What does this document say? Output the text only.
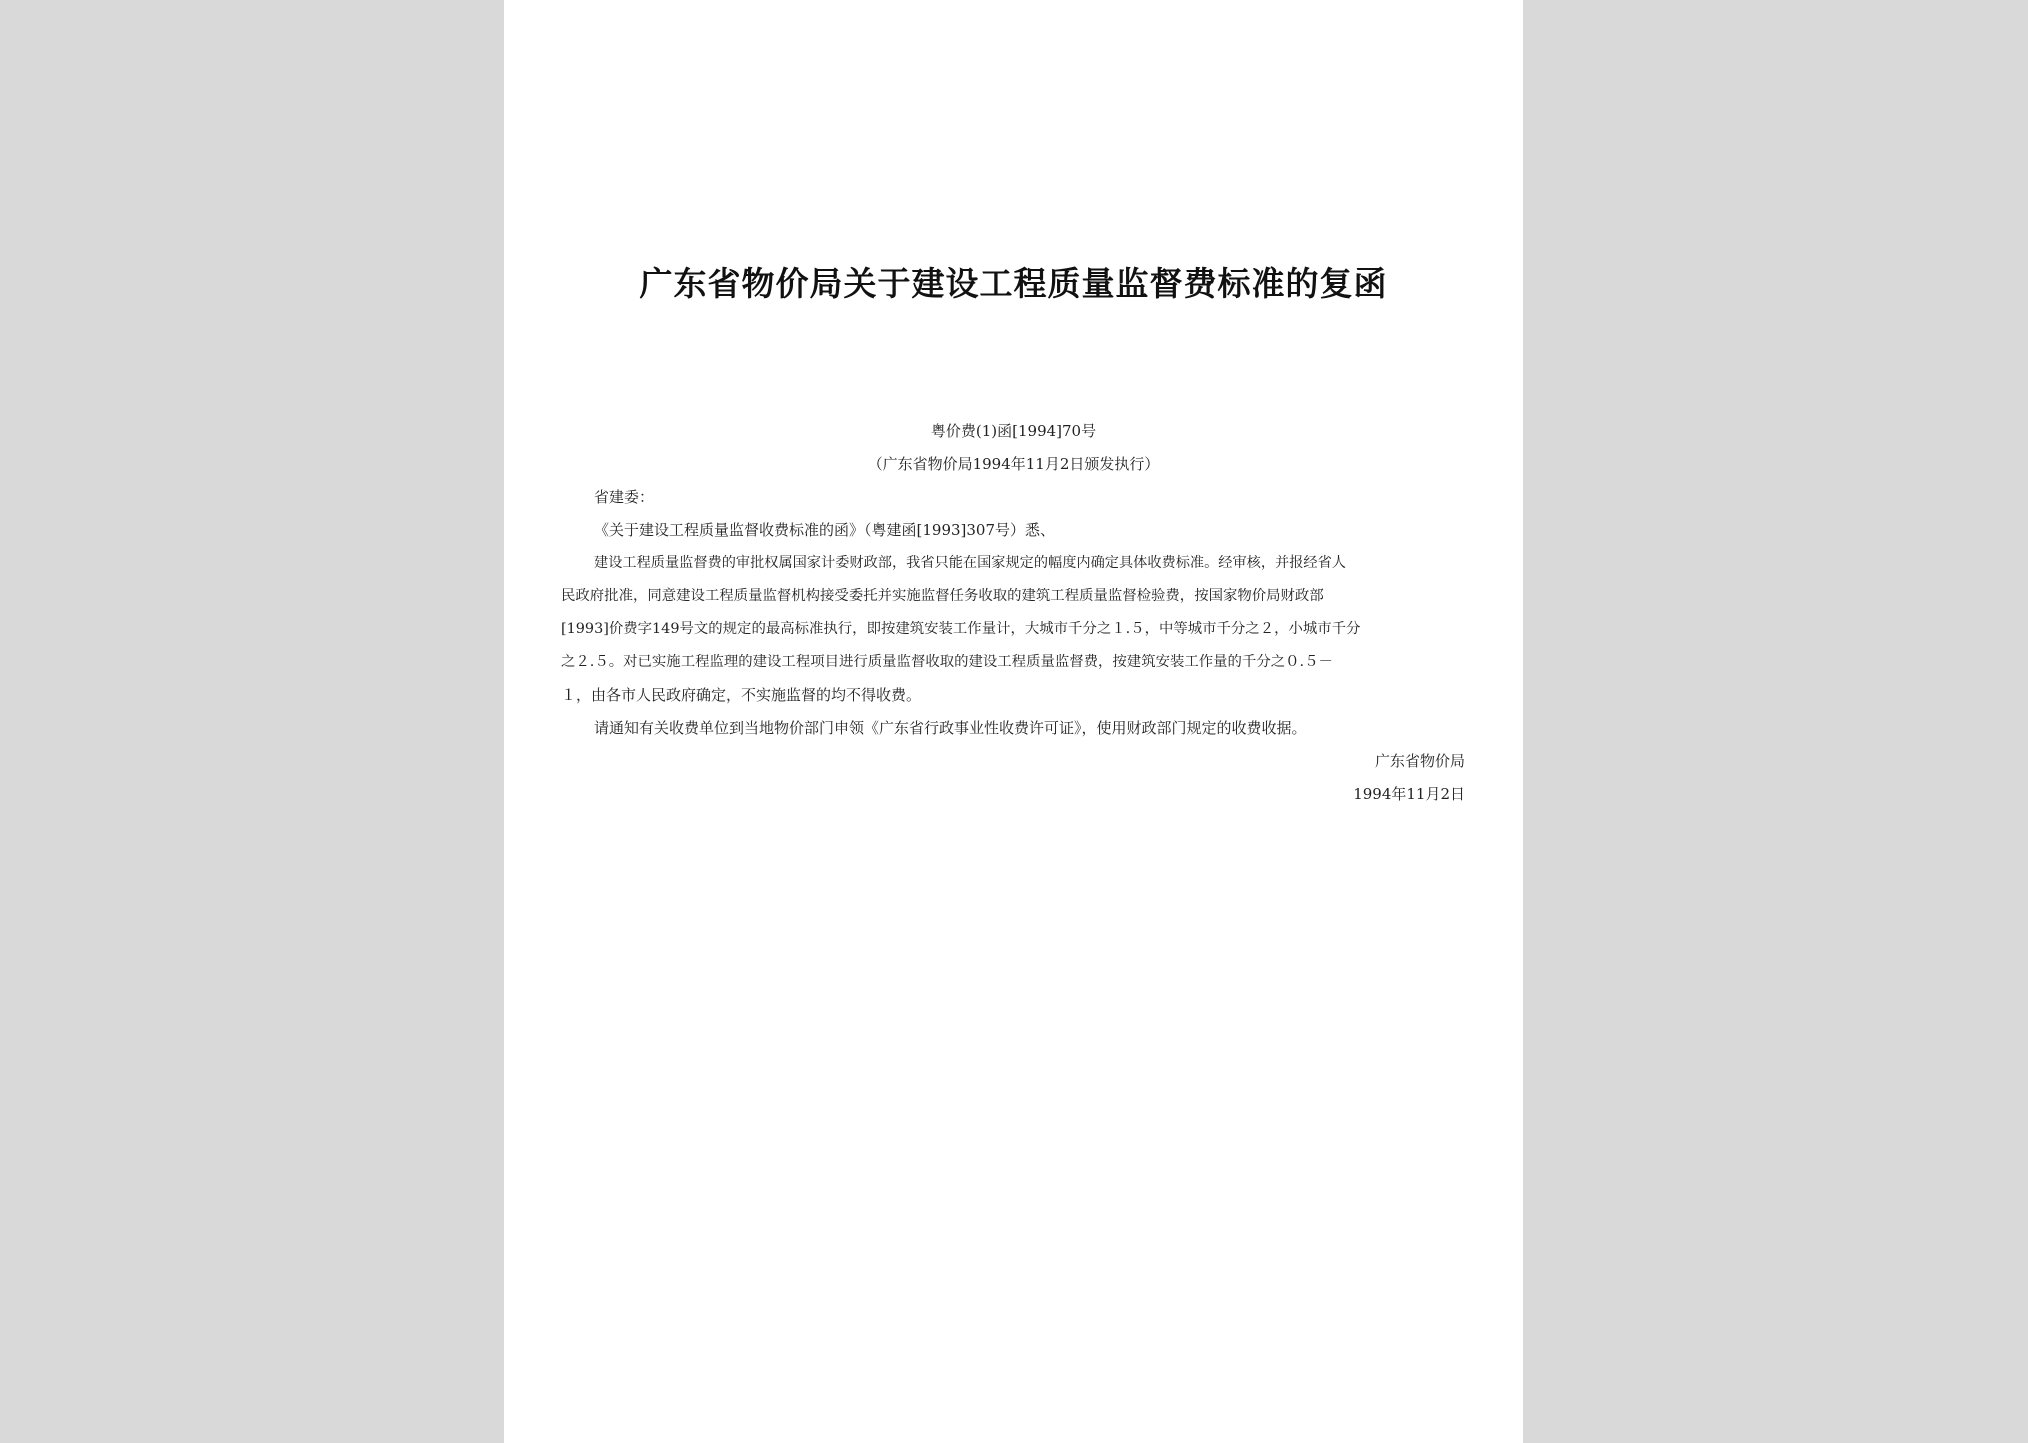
广东省物价局关于建设工程质量监督费标准的复函
粤价费(1)函[1994]70号
（广东省物价局1994年11月2日颁发执行）
省建委：
《关于建设工程质量监督收费标准的函》（粤建函[1993]307号）悉、
建设工程质量监督费的审批权属国家计委财政部，我省只能在国家规定的幅度内确定具体收费标准。经审核，并报经省人
民政府批准，同意建设工程质量监督机构接受委托并实施监督任务收取的建筑工程质量监督检验费，按国家物价局财政部
[1993]价费字149号文的规定的最高标准执行，即按建筑安装工作量计，大城市千分之１.５，中等城市千分之２，小城市千分
之２.５。对已实施工程监理的建设工程项目进行质量监督收取的建设工程质量监督费，按建筑安装工作量的千分之０.５－
１，由各市人民政府确定，不实施监督的均不得收费。
请通知有关收费单位到当地物价部门申领《广东省行政事业性收费许可证》，使用财政部门规定的收费收据。
广东省物价局
1994年11月2日
